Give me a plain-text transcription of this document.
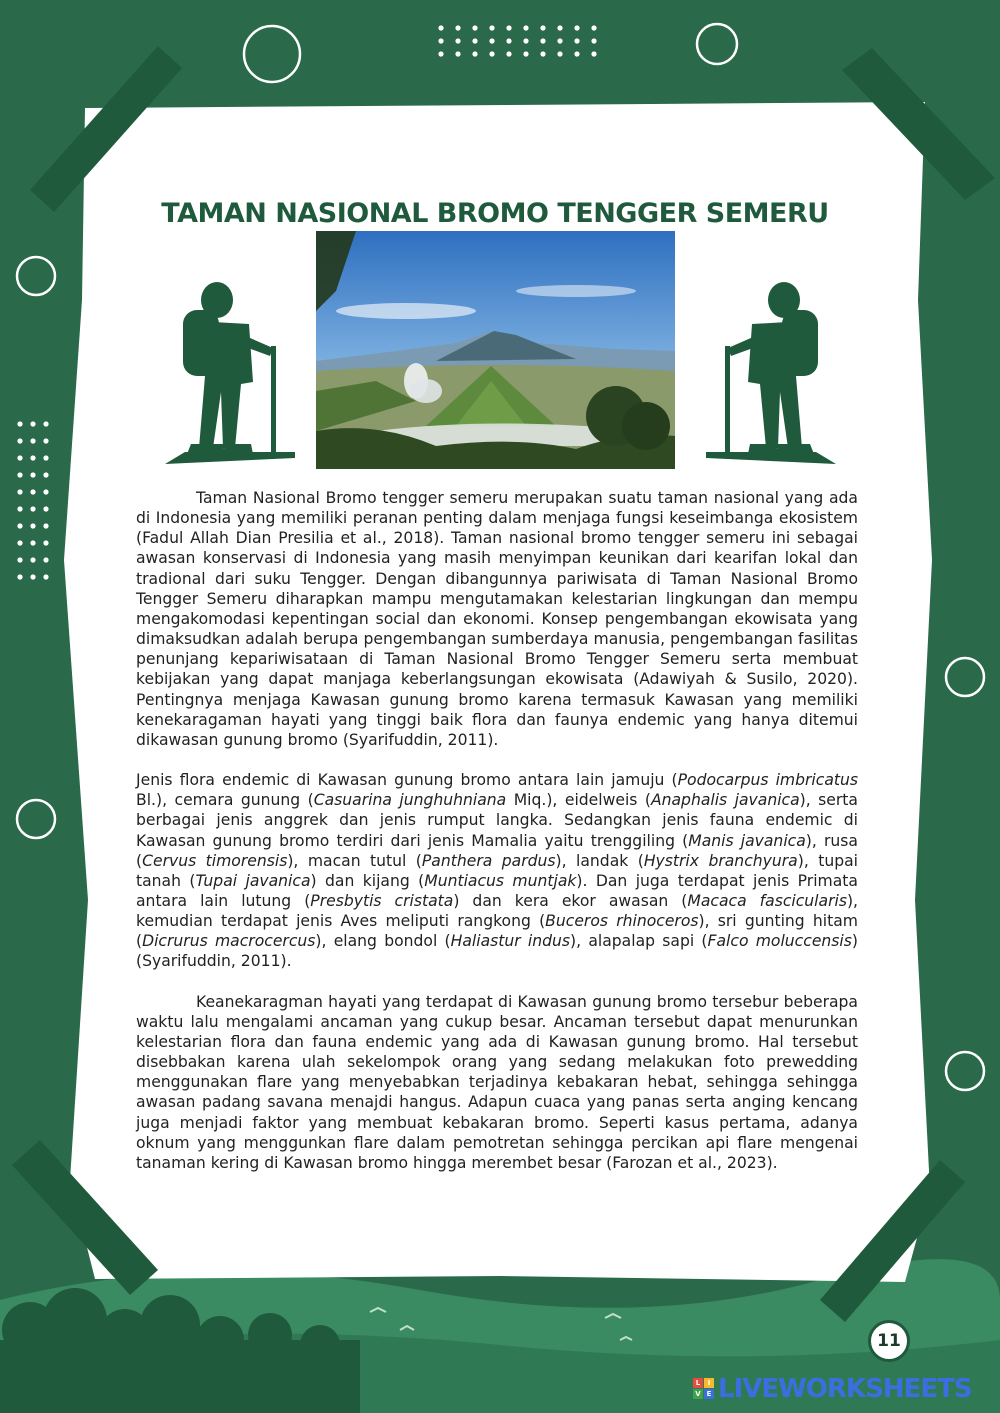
TAMAN NASIONAL BROMO TENGGER SEMERU

Taman Nasional Bromo tengger semeru merupakan suatu taman nasional yang ada di Indonesia yang memiliki peranan penting dalam menjaga fungsi keseimbanga ekosistem (Fadul Allah Dian Presilia et al., 2018). Taman nasional bromo tengger semeru ini sebagai awasan konservasi di Indonesia yang masih menyimpan keunikan dari kearifan lokal dan tradional dari suku Tengger. Dengan dibangunnya pariwisata di Taman Nasional Bromo Tengger Semeru diharapkan mampu mengutamakan kelestarian lingkungan dan mempu mengakomodasi kepentingan social dan ekonomi. Konsep pengembangan ekowisata yang dimaksudkan adalah berupa pengembangan sumberdaya manusia, pengembangan fasilitas penunjang kepariwisataan di Taman Nasional Bromo Tengger Semeru serta membuat kebijakan yang dapat manjaga keberlangsungan ekowisata (Adawiyah & Susilo, 2020). Pentingnya menjaga Kawasan gunung bromo karena termasuk Kawasan yang memiliki kenekaragaman hayati yang tinggi baik flora dan faunya endemic yang hanya ditemui dikawasan gunung bromo (Syarifuddin, 2011).

Jenis flora endemic di Kawasan gunung bromo antara lain jamuju (Podocarpus imbricatus Bl.), cemara gunung (Casuarina junghuhniana Miq.), eidelweis (Anaphalis javanica), serta berbagai jenis anggrek dan jenis rumput langka. Sedangkan jenis fauna endemic di Kawasan gunung bromo terdiri dari jenis Mamalia yaitu trenggiling (Manis javanica), rusa (Cervus timorensis), macan tutul (Panthera pardus), landak (Hystrix branchyura), tupai tanah (Tupai javanica) dan kijang (Muntiacus muntjak). Dan juga terdapat jenis Primata antara lain lutung (Presbytis cristata) dan kera ekor awasan (Macaca fascicularis), kemudian terdapat jenis Aves meliputi rangkong (Buceros rhinoceros), sri gunting hitam (Dicrurus macrocercus), elang bondol (Haliastur indus), alapalap sapi (Falco moluccensis) (Syarifuddin, 2011).

Keanekaragman hayati yang terdapat di Kawasan gunung bromo tersebur beberapa waktu lalu mengalami ancaman yang cukup besar. Ancaman tersebut dapat menurunkan kelestarian flora dan fauna endemic yang ada di Kawasan gunung bromo. Hal tersebut disebbakan karena ulah sekelompok orang yang sedang melakukan foto prewedding menggunakan flare yang menyebabkan terjadinya kebakaran hebat, sehingga sehingga awasan padang savana menajdi hangus. Adapun cuaca yang panas serta anging kencang juga menjadi faktor yang membuat kebakaran bromo. Seperti kasus pertama, adanya oknum yang menggunkan flare dalam pemotretan sehingga percikan api flare mengenai tanaman kering di Kawasan bromo hingga merembet besar (Farozan et al., 2023).

11
L	I
V E LIVEWORKSHEETS
